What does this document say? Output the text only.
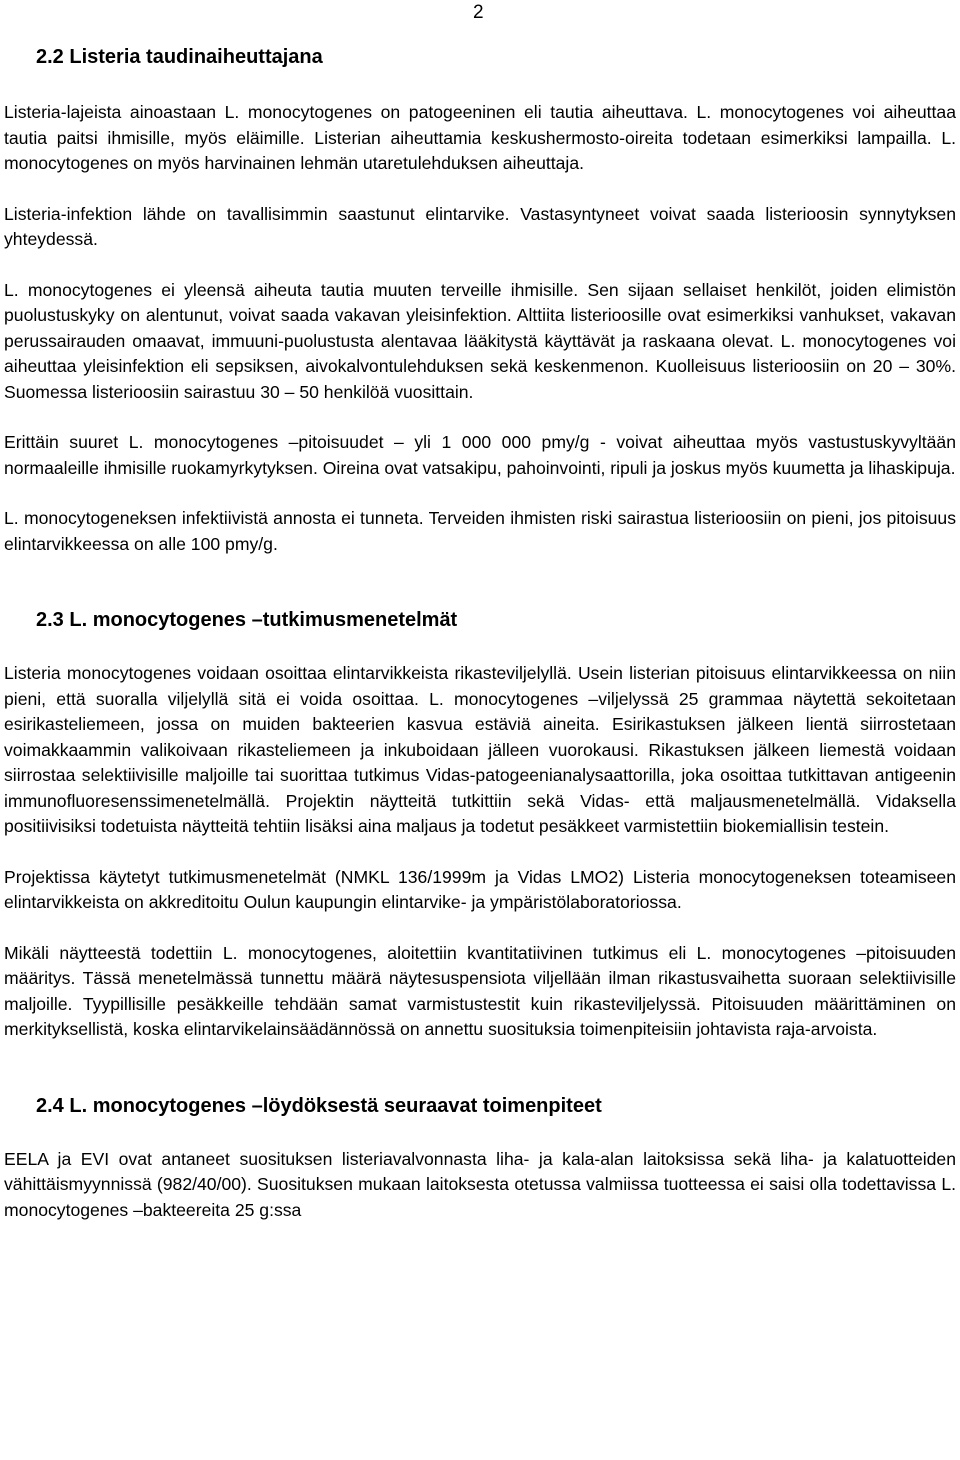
2
2.2 Listeria taudinaiheuttajana

Listeria-lajeista ainoastaan L. monocytogenes on patogeeninen eli tautia aiheuttava. L. monocytogenes voi aiheuttaa tautia paitsi ihmisille, myös eläimille. Listerian aiheuttamia keskushermosto-oireita todetaan esimerkiksi lampailla. L. monocytogenes on myös harvinainen lehmän utaretulehduksen aiheuttaja.

Listeria-infektion lähde on tavallisimmin saastunut elintarvike. Vastasyntyneet voivat saada listerioosin synnytyksen yhteydessä.

L. monocytogenes ei yleensä aiheuta tautia muuten terveille ihmisille. Sen sijaan sellaiset henkilöt, joiden elimistön puolustuskyky on alentunut, voivat saada vakavan yleisinfektion. Alttiita listerioosille ovat esimerkiksi vanhukset, vakavan perussairauden omaavat, immuuni-puolustusta alentavaa lääkitystä käyttävät ja raskaana olevat. L. monocytogenes voi aiheuttaa yleisinfektion eli sepsiksen, aivokalvontulehduksen sekä keskenmenon. Kuolleisuus listerioosiin on 20 – 30%. Suomessa listerioosiin sairastuu 30 – 50 henkilöä vuosittain.

Erittäin suuret L. monocytogenes –pitoisuudet – yli 1 000 000 pmy/g - voivat aiheuttaa myös vastustuskyvyltään normaaleille ihmisille ruokamyrkytyksen. Oireina ovat vatsakipu, pahoinvointi, ripuli ja joskus myös kuumetta ja lihaskipuja.

L. monocytogeneksen infektiivistä annosta ei tunneta. Terveiden ihmisten riski sairastua listerioosiin on pieni, jos pitoisuus elintarvikkeessa on alle 100 pmy/g.

2.3 L. monocytogenes –tutkimusmenetelmät

Listeria monocytogenes voidaan osoittaa elintarvikkeista rikasteviljelyllä. Usein listerian pitoisuus elintarvikkeessa on niin pieni, että suoralla viljelyllä sitä ei voida osoittaa. L. monocytogenes –viljelyssä 25 grammaa näytettä sekoitetaan esirikasteliemeen, jossa on muiden bakteerien kasvua estäviä aineita. Esirikastuksen jälkeen lientä siirrostetaan voimakkaammin valikoivaan rikasteliemeen ja inkuboidaan jälleen vuorokausi. Rikastuksen jälkeen liemestä voidaan siirrostaa selektiivisille maljoille tai suorittaa tutkimus Vidas-patogeenianalysaattorilla, joka osoittaa tutkittavan antigeenin immunofluoresenssimenetelmällä. Projektin näytteitä tutkittiin sekä Vidas- että maljausmenetelmällä. Vidaksella positiivisiksi todetuista näytteitä tehtiin lisäksi aina maljaus ja todetut pesäkkeet varmistettiin biokemiallisin testein.

Projektissa käytetyt tutkimusmenetelmät (NMKL 136/1999m ja Vidas LMO2) Listeria monocytogeneksen toteamiseen elintarvikkeista on akkreditoitu Oulun kaupungin elintarvike- ja ympäristölaboratoriossa.

Mikäli näytteestä todettiin L. monocytogenes, aloitettiin kvantitatiivinen tutkimus eli L. monocytogenes –pitoisuuden määritys. Tässä menetelmässä tunnettu määrä näytesuspensiota viljellään ilman rikastusvaihetta suoraan selektiivisille maljoille. Tyypillisille pesäkkeille tehdään samat varmistustestit kuin rikasteviljelyssä. Pitoisuuden määrittäminen on merkityksellistä, koska elintarvikelainsäädännössä on annettu suosituksia toimenpiteisiin johtavista raja-arvoista.

2.4 L. monocytogenes –löydöksestä seuraavat toimenpiteet

EELA ja EVI ovat antaneet suosituksen listeriavalvonnasta liha- ja kala-alan laitoksissa sekä liha- ja kalatuotteiden vähittäismyynnissä (982/40/00). Suosituksen mukaan laitoksesta otetussa valmiissa tuotteessa ei saisi olla todettavissa L. monocytogenes –bakteereita 25 g:ssa
